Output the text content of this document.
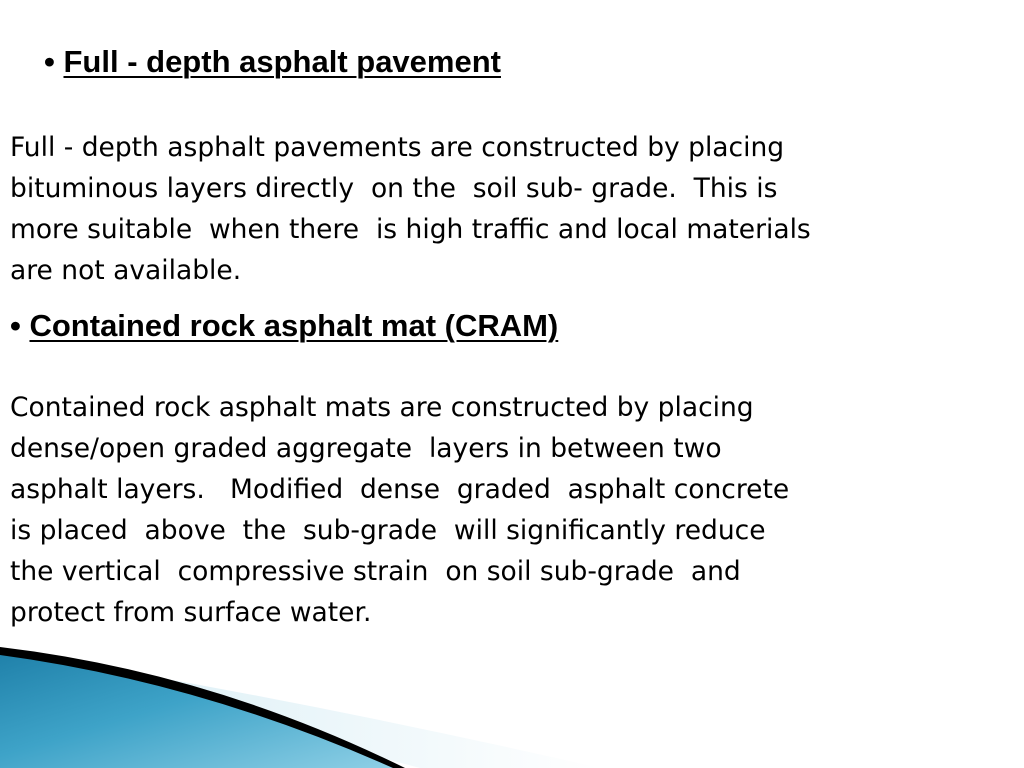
• Full - depth asphalt pavement

Full - depth asphalt pavements are constructed by placing
bituminous layers directly  on the  soil sub- grade.  This is
more suitable  when there  is high traffic and local materials
are not available.

• Contained rock asphalt mat (CRAM)

Contained rock asphalt mats are constructed by placing
dense/open graded aggregate  layers in between two
asphalt layers.   Modified  dense  graded  asphalt concrete
is placed  above  the  sub-grade  will significantly reduce
the vertical  compressive strain  on soil sub-grade  and
protect from surface water.
